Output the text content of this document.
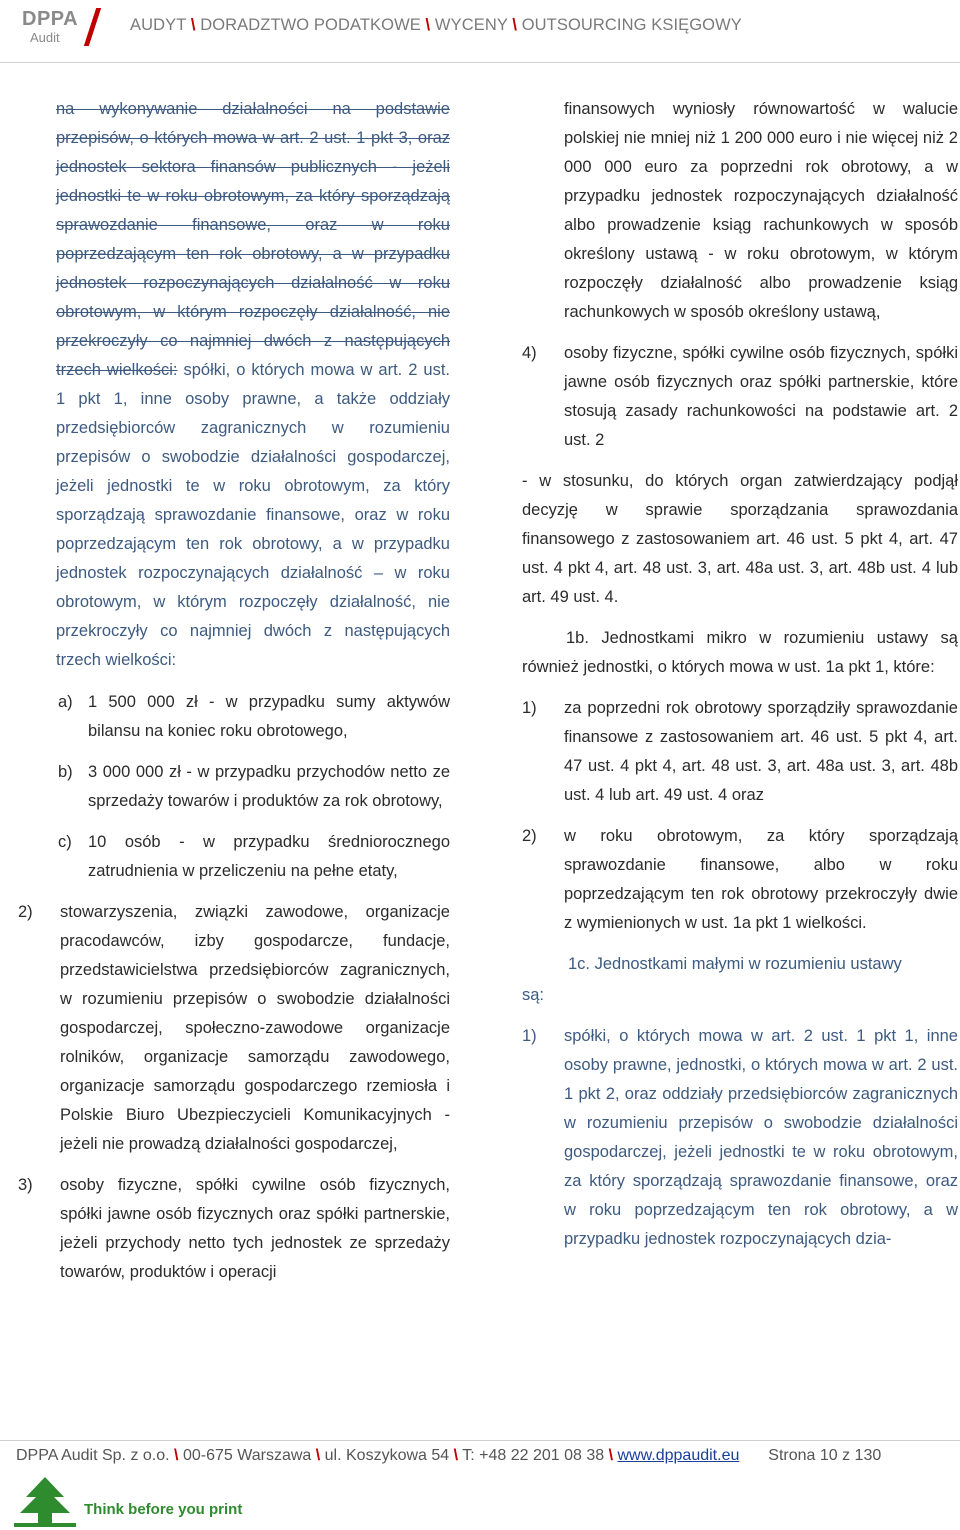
DPPA
Audit
AUDYT \ DORADZTWO PODATKOWE \ WYCENY \ OUTSOURCING KSIĘGOWY

na wykonywanie działalności na podstawie przepisów, o których mowa w art. 2 ust. 1 pkt 3, oraz jednostek sektora finansów publicznych - jeżeli jednostki te w roku obrotowym, za który sporządzają sprawozdanie finansowe, oraz w roku poprzedzającym ten rok obrotowy, a w przypadku jednostek rozpoczynających działalność w roku obrotowym, w którym rozpoczęły działalność, nie przekroczyły co najmniej dwóch z następujących trzech wielkości: spółki, o których mowa w art. 2 ust. 1 pkt 1, inne osoby prawne, a także oddziały przedsiębiorców zagranicznych w rozumieniu przepisów o swobodzie działalności gospodarczej, jeżeli jednostki te w roku obrotowym, za który sporządzają sprawozdanie finansowe, oraz w roku poprzedzającym ten rok obrotowy, a w przypadku jednostek rozpoczynających działalność – w roku obrotowym, w którym rozpoczęły działalność, nie przekroczyły co najmniej dwóch z następujących trzech wielkości:

a) 1 500 000 zł - w przypadku sumy aktywów bilansu na koniec roku obrotowego,

b) 3 000 000 zł - w przypadku przychodów netto ze sprzedaży towarów i produktów za rok obrotowy,

c) 10 osób - w przypadku średniorocznego zatrudnienia w przeliczeniu na pełne etaty,

2) stowarzyszenia, związki zawodowe, organizacje pracodawców, izby gospodarcze, fundacje, przedstawicielstwa przedsiębiorców zagranicznych, w rozumieniu przepisów o swobodzie działalności gospodarczej, społeczno-zawodowe organizacje rolników, organizacje samorządu zawodowego, organizacje samorządu gospodarczego rzemiosła i Polskie Biuro Ubezpieczycieli Komunikacyjnych - jeżeli nie prowadzą działalności gospodarczej,

3) osoby fizyczne, spółki cywilne osób fizycznych, spółki jawne osób fizycznych oraz spółki partnerskie, jeżeli przychody netto tych jednostek ze sprzedaży towarów, produktów i operacji

finansowych wyniosły równowartość w walucie polskiej nie mniej niż 1 200 000 euro i nie więcej niż 2 000 000 euro za poprzedni rok obrotowy, a w przypadku jednostek rozpoczynających działalność albo prowadzenie ksiąg rachunkowych w sposób określony ustawą - w roku obrotowym, w którym rozpoczęły działalność albo prowadzenie ksiąg rachunkowych w sposób określony ustawą,

4) osoby fizyczne, spółki cywilne osób fizycznych, spółki jawne osób fizycznych oraz spółki partnerskie, które stosują zasady rachunkowości na podstawie art. 2 ust. 2

- w stosunku, do których organ zatwierdzający podjął decyzję w sprawie sporządzania sprawozdania finansowego z zastosowaniem art. 46 ust. 5 pkt 4, art. 47 ust. 4 pkt 4, art. 48 ust. 3, art. 48a ust. 3, art. 48b ust. 4 lub art. 49 ust. 4.

1b. Jednostkami mikro w rozumieniu ustawy są również jednostki, o których mowa w ust. 1a pkt 1, które:

1) za poprzedni rok obrotowy sporządziły sprawozdanie finansowe z zastosowaniem art. 46 ust. 5 pkt 4, art. 47 ust. 4 pkt 4, art. 48 ust. 3, art. 48a ust. 3, art. 48b ust. 4 lub art. 49 ust. 4 oraz

2) w roku obrotowym, za który sporządzają sprawozdanie finansowe, albo w roku poprzedzającym ten rok obrotowy przekroczyły dwie z wymienionych w ust. 1a pkt 1 wielkości.

1c. Jednostkami małymi w rozumieniu ustawy

są:

1) spółki, o których mowa w art. 2 ust. 1 pkt 1, inne osoby prawne, jednostki, o których mowa w art. 2 ust. 1 pkt 2, oraz oddziały przedsiębiorców zagranicznych w rozumieniu przepisów o swobodzie działalności gospodarczej, jeżeli jednostki te w roku obrotowym, za który sporządzają sprawozdanie finansowe, oraz w roku poprzedzającym ten rok obrotowy, a w przypadku jednostek rozpoczynających dzia-

DPPA Audit Sp. z o.o. \ 00-675 Warszawa \ ul. Koszykowa 54 \ T: +48 22 201 08 38 \ www.dppaudit.eu Strona 10 z 130
Think before you print
